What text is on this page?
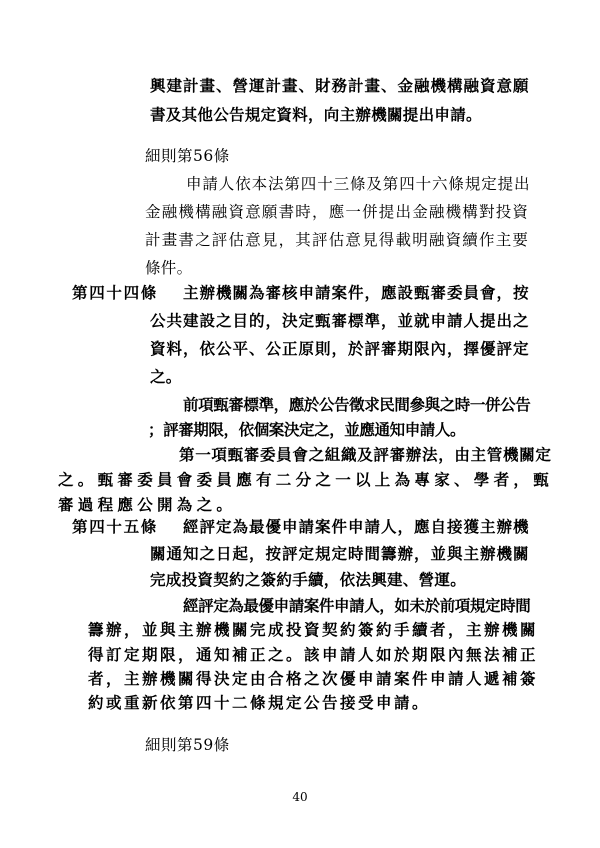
40
興建計畫、營運計畫、財務計畫、金融機構融資意願
書及其他公告規定資料，向主辦機關提出申請。
細則第56條
申請人依本法第四十三條及第四十六條規定提出
金融機構融資意願書時，應一併提出金融機構對投資
計畫書之評估意見，其評估意見得載明融資續作主要
條件。
第四十四條 主辦機關為審核申請案件，應設甄審委員會，按
公共建設之目的，決定甄審標準，並就申請人提出之
資料，依公平、公正原則，於評審期限內，擇優評定
之。
前項甄審標準，應於公告徵求民間參與之時一併公告
；評審期限，依個案決定之，並應通知申請人。
第一項甄審委員會之組織及評審辦法，由主管機關定
之。甄審委員會委員應有二分之一以上為專家、學者，甄
審過程應公開為之。
第四十五條 經評定為最優申請案件申請人，應自接獲主辦機
關通知之日起，按評定規定時間籌辦，並與主辦機關
完成投資契約之簽約手續，依法興建、營運。
經評定為最優申請案件申請人，如未於前項規定時間
籌辦，並與主辦機關完成投資契約簽約手續者，主辦機關
得訂定期限，通知補正之。該申請人如於期限內無法補正
者，主辦機關得決定由合格之次優申請案件申請人遞補簽
約或重新依第四十二條規定公告接受申請。
細則第59條
